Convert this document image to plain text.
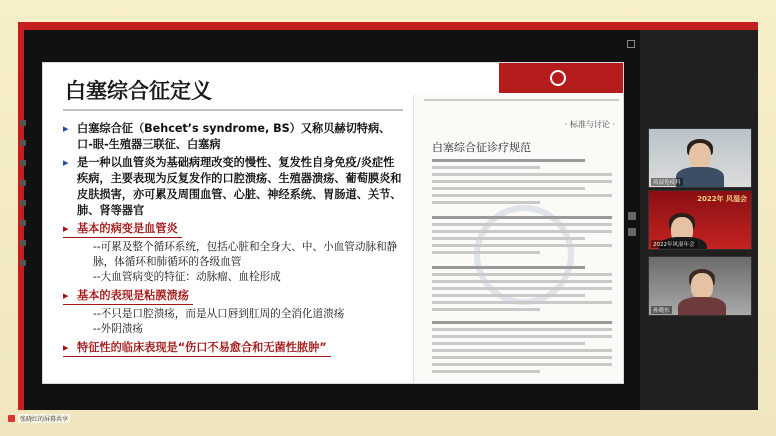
白塞综合征定义

▸ 白塞综合征（Behcet’s syndrome, BS）又称贝赫切特病、口-眼-生殖器三联征、白塞病
▸ 是一种以血管炎为基础病理改变的慢性、复发性自身免疫/炎症性疾病，主要表现为反复发作的口腔溃疡、生殖器溃疡、葡萄膜炎和皮肤损害，亦可累及周围血管、心脏、神经系统、胃肠道、关节、肺、肾等器官
▸ 基本的病变是血管炎
--可累及整个循环系统，包括心脏和全身大、中、小血管动脉和静脉，体循环和肺循环的各级血管
--大血管病变的特征：动脉瘤、血栓形成
▸ 基本的表现是粘膜溃疡
--不只是口腔溃疡，而是从口唇到肛周的全消化道溃疡
--外阴溃疡
▸ 特征性的临床表现是“伤口不易愈合和无菌性脓肿”
· 标准与讨论 ·
白塞综合征诊疗规范
风湿免疫科
2022年 风湿会
2022年风湿年会
孙晓东
张晓红的屏幕共享
